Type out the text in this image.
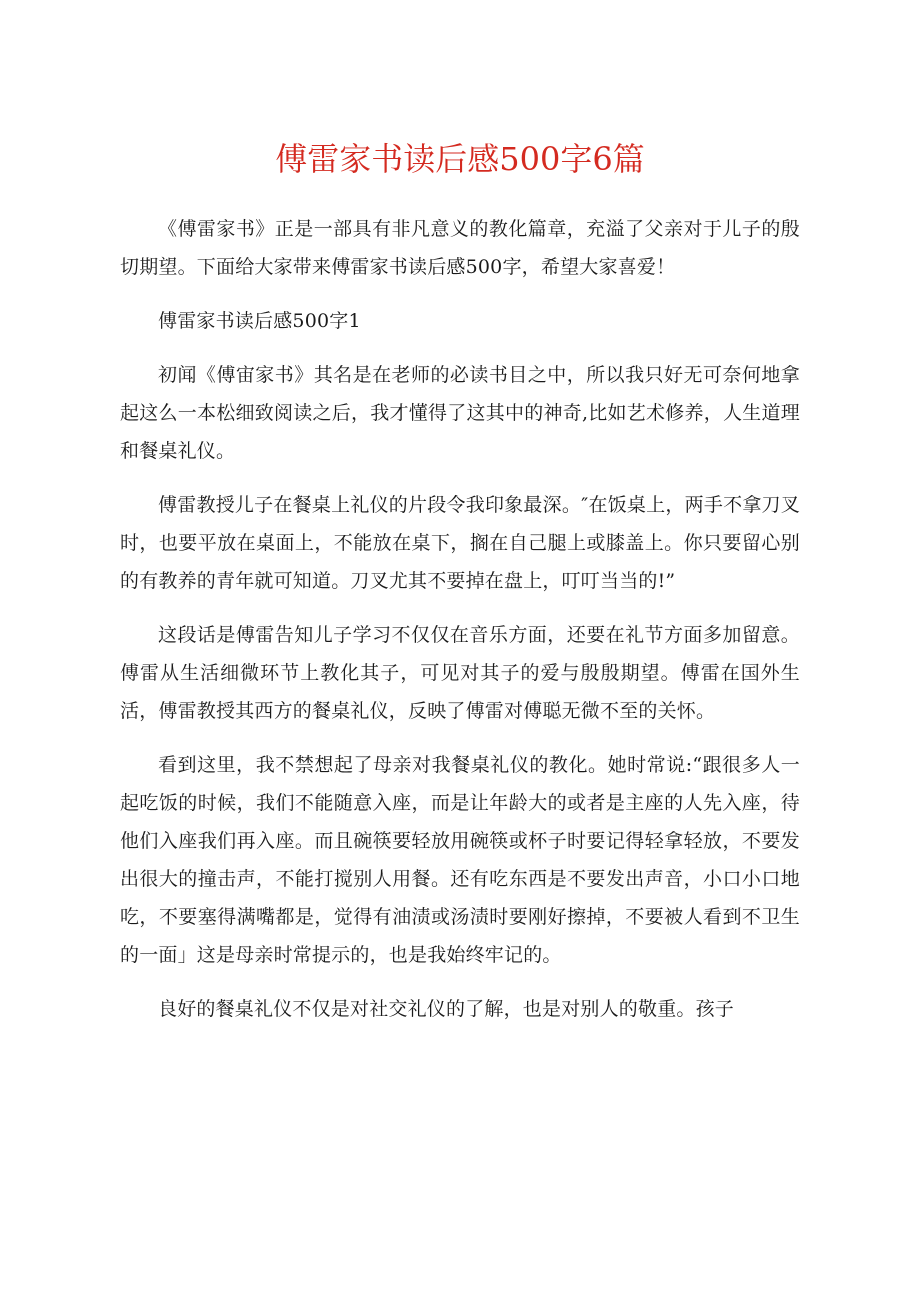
傅雷家书读后感500字6篇

《傅雷家书》正是一部具有非凡意义的教化篇章，充溢了父亲对于儿子的殷切期望。下面给大家带来傅雷家书读后感500字，希望大家喜爱！

傅雷家书读后感500字1

初闻《傅宙家书》其名是在老师的必读书目之中，所以我只好无可奈何地拿起这么一本松细致阅读之后，我才懂得了这其中的神奇,比如艺术修养，人生道理和餐桌礼仪。

傅雷教授儿子在餐桌上礼仪的片段令我印象最深。″在饭桌上，两手不拿刀叉时，也要平放在桌面上，不能放在桌下，搁在自己腿上或膝盖上。你只要留心别的有教养的青年就可知道。刀叉尤其不要掉在盘上，叮叮当当的!”

这段话是傅雷告知儿子学习不仅仅在音乐方面，还要在礼节方面多加留意。傅雷从生活细微环节上教化其子，可见对其子的爱与殷殷期望。傅雷在国外生活，傅雷教授其西方的餐桌礼仪，反映了傅雷对傅聪无微不至的关怀。

看到这里，我不禁想起了母亲对我餐桌礼仪的教化。她时常说:“跟很多人一起吃饭的时候，我们不能随意入座，而是让年龄大的或者是主座的人先入座，待他们入座我们再入座。而且碗筷要轻放用碗筷或杯子时要记得轻拿轻放，不要发出很大的撞击声，不能打搅别人用餐。还有吃东西是不要发出声音，小口小口地吃，不要塞得满嘴都是，觉得有油渍或汤渍时要刚好擦掉，不要被人看到不卫生的一面」这是母亲时常提示的，也是我始终牢记的。

良好的餐桌礼仪不仅是对社交礼仪的了解，也是对别人的敬重。孩子
